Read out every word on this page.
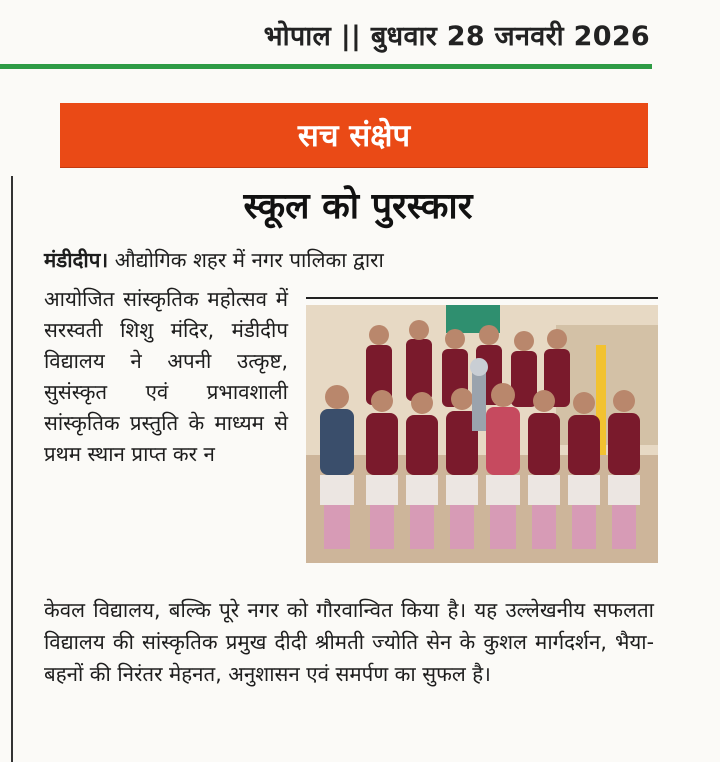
भोपाल || बुधवार 28 जनवरी 2026
सच संक्षेप
स्कूल को पुरस्कार
मंडीदीप। औद्योगिक शहर में नगर पालिका द्वारा
आयोजित सांस्कृतिक महोत्सव में सरस्वती शिशु मंदिर, मंडीदीप विद्यालय ने अपनी उत्कृष्ट, सुसंस्कृत एवं प्रभावशाली सांस्कृतिक प्रस्तुति के माध्यम से प्रथम स्थान प्राप्त कर न
केवल विद्यालय, बल्कि पूरे नगर को गौरवान्वित किया है। यह उल्लेखनीय सफलता विद्यालय की सांस्कृतिक प्रमुख दीदी श्रीमती ज्योति सेन के कुशल मार्गदर्शन, भैया-बहनों की निरंतर मेहनत, अनुशासन एवं समर्पण का सुफल है।
